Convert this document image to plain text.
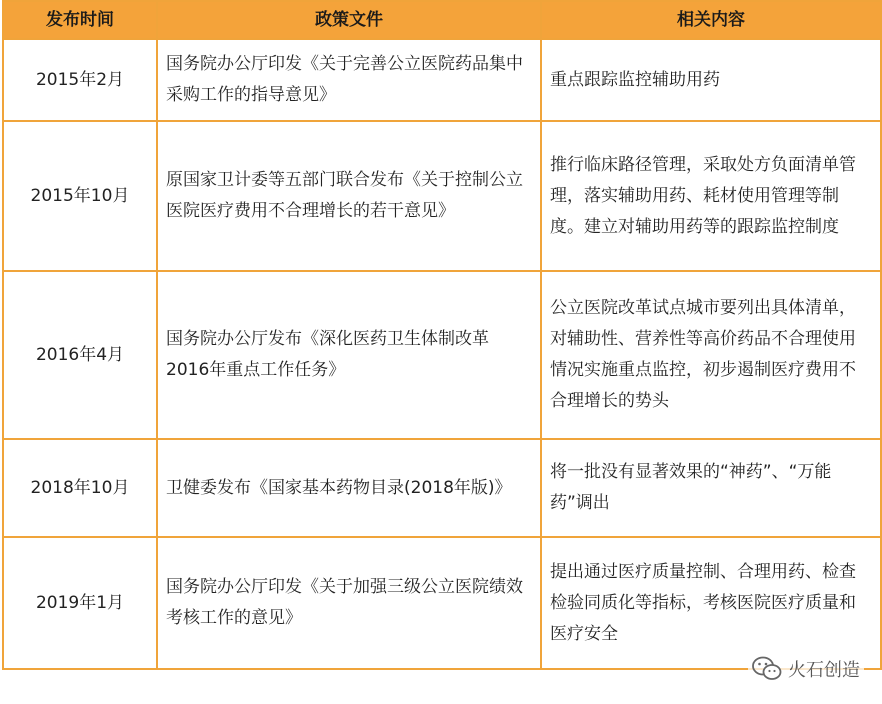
发布时间	政策文件	相关内容
2015年2月	国务院办公厅印发《关于完善公立医院药品集中采购工作的指导意见》	重点跟踪监控辅助用药
2015年10月	原国家卫计委等五部门联合发布《关于控制公立医院医疗费用不合理增长的若干意见》	推行临床路径管理，采取处方负面清单管理，落实辅助用药、耗材使用管理等制度。建立对辅助用药等的跟踪监控制度
2016年4月	国务院办公厅发布《深化医药卫生体制改革2016年重点工作任务》	公立医院改革试点城市要列出具体清单，对辅助性、营养性等高价药品不合理使用情况实施重点监控，初步遏制医疗费用不合理增长的势头
2018年10月	卫健委发布《国家基本药物目录(2018年版)》	将一批没有显著效果的“神药”、“万能药”调出
2019年1月	国务院办公厅印发《关于加强三级公立医院绩效考核工作的意见》	提出通过医疗质量控制、合理用药、检查检验同质化等指标，考核医院医疗质量和医疗安全
火石创造
